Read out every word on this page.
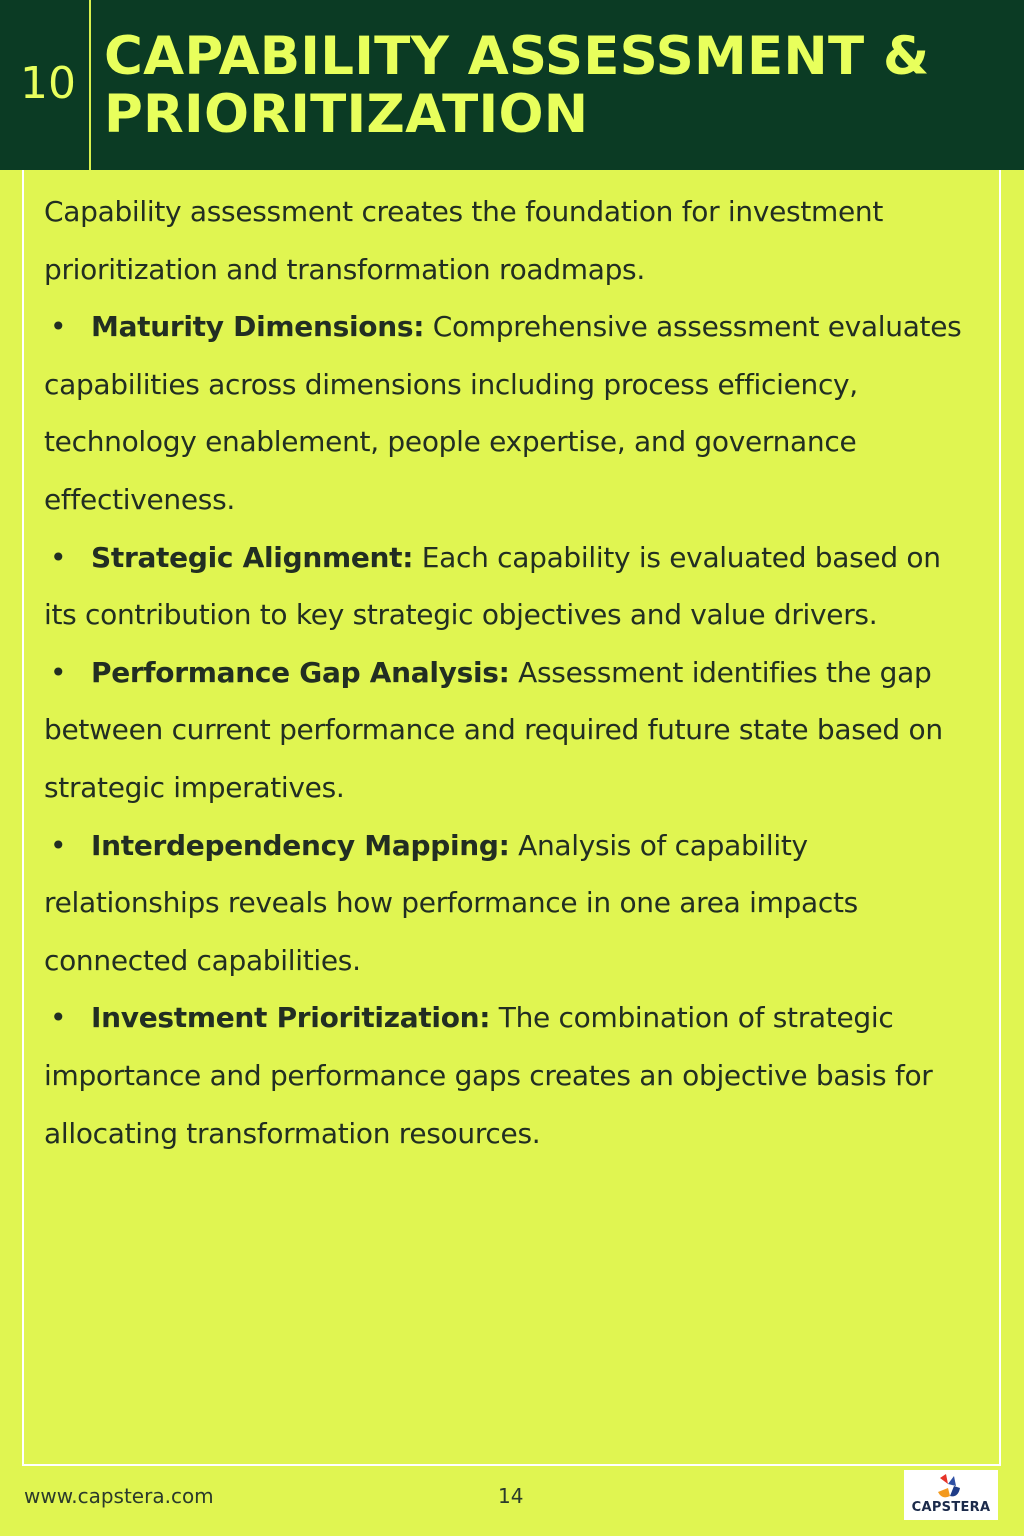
10 CAPABILITY ASSESSMENT &
PRIORITIZATION

Capability assessment creates the foundation for investment prioritization and transformation roadmaps.

• Maturity Dimensions: Comprehensive assessment evaluates capabilities across dimensions including process efficiency, technology enablement, people expertise, and governance effectiveness.

• Strategic Alignment: Each capability is evaluated based on its contribution to key strategic objectives and value drivers.

• Performance Gap Analysis: Assessment identifies the gap between current performance and required future state based on strategic imperatives.

• Interdependency Mapping: Analysis of capability relationships reveals how performance in one area impacts connected capabilities.

• Investment Prioritization: The combination of strategic importance and performance gaps creates an objective basis for allocating transformation resources.

www.capstera.com	14	CAPSTERA
